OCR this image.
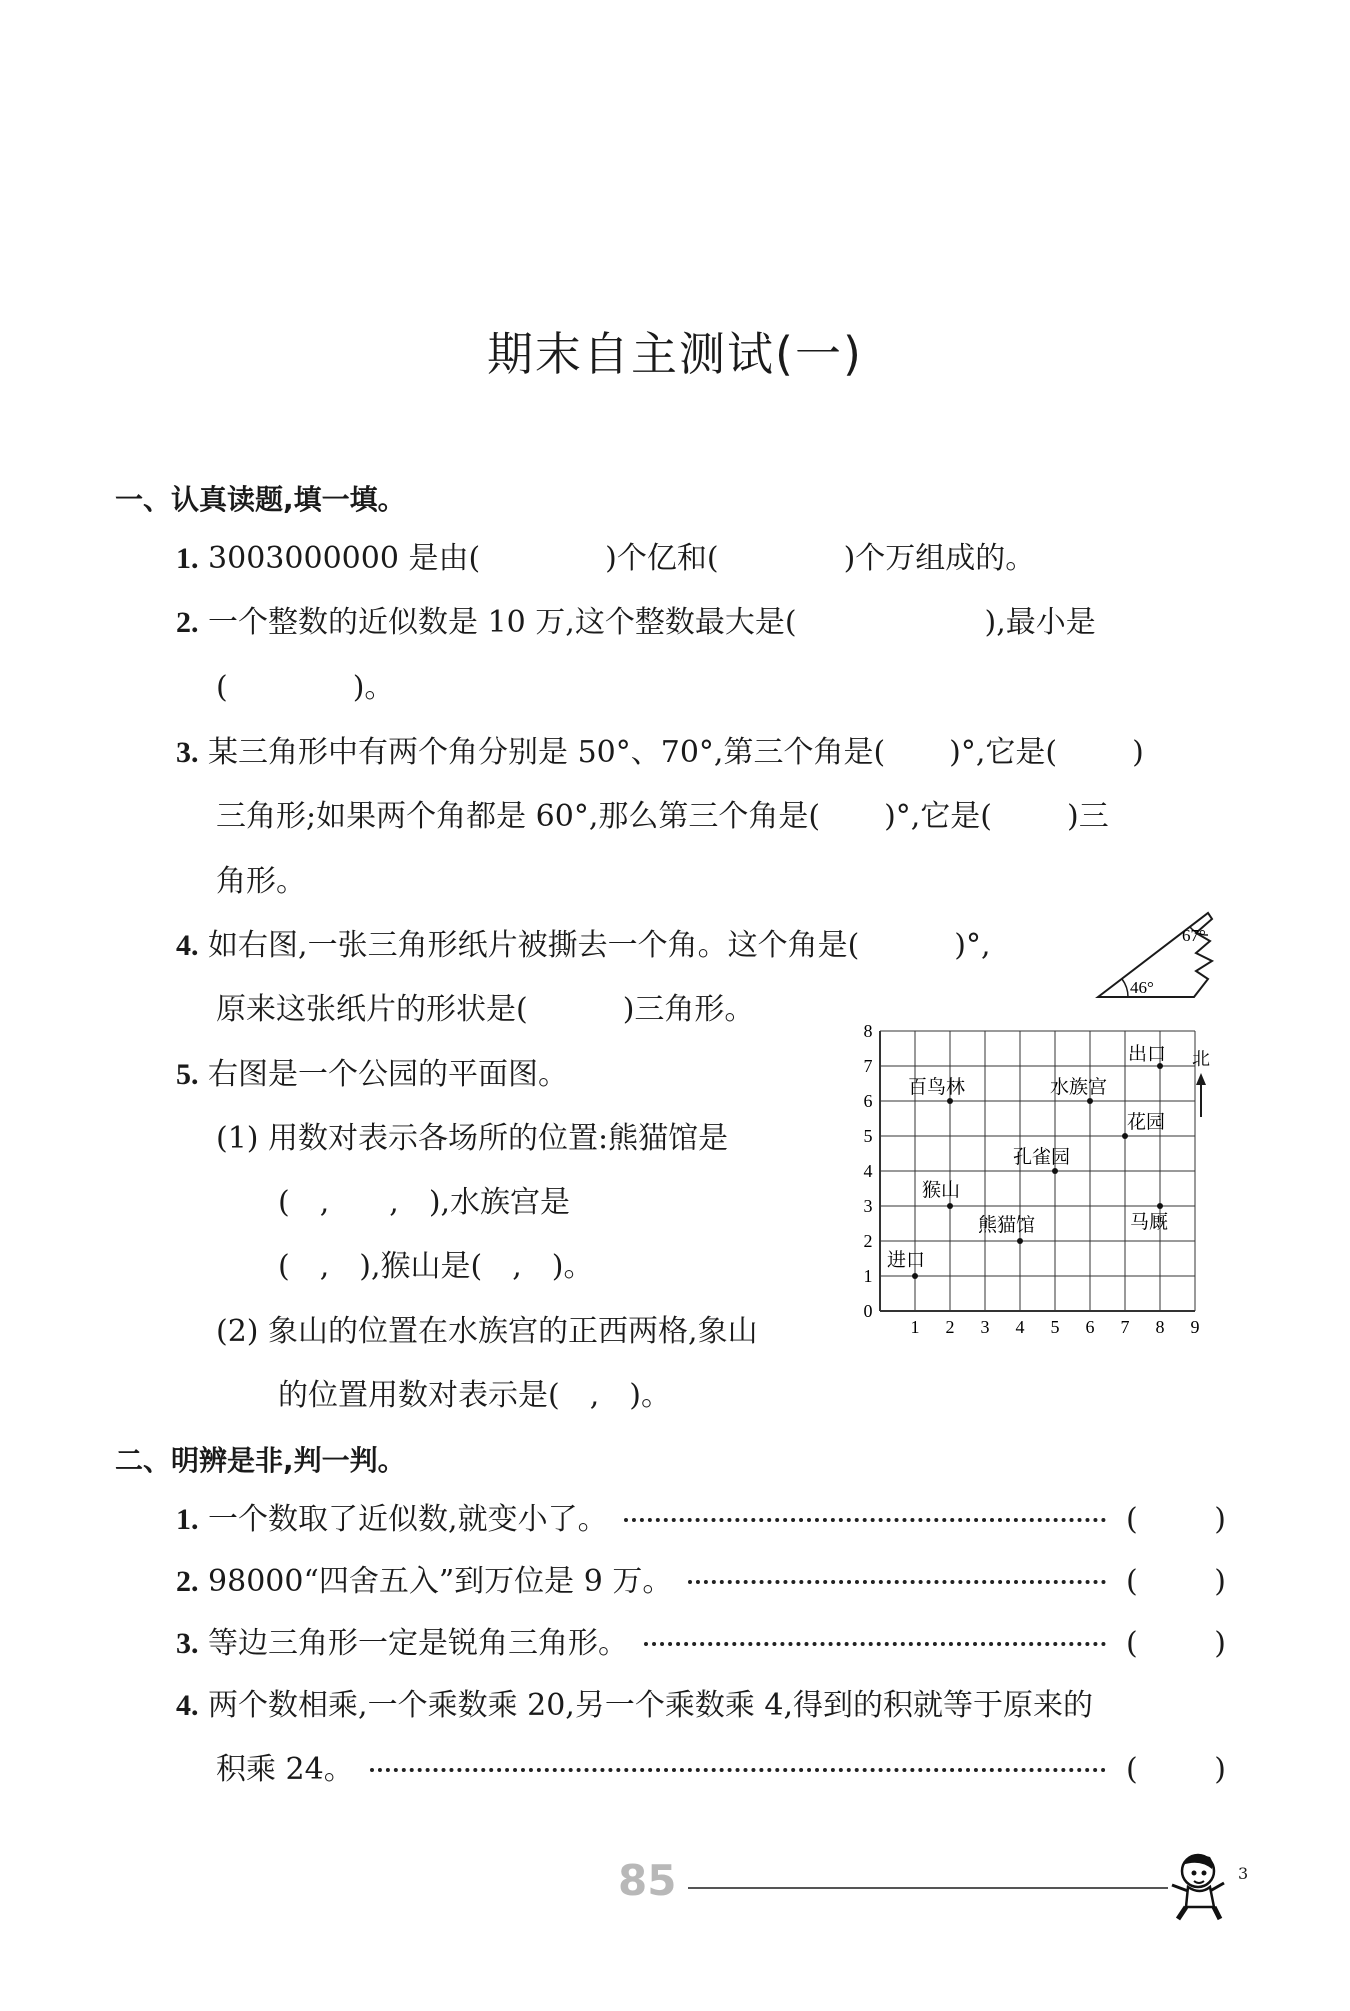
期末自主测试(一)
一、认真读题,填一填。
1. 3003000000 是由(	)个亿和(	)个万组成的。
2. 一个整数的近似数是 10 万,这个整数最大是(	),最小是
(	)。
3. 某三角形中有两个角分别是 50°、70°,第三个角是( )°,它是(	)
三角形;如果两个角都是 60°,那么第三个角是( )°,它是(	)三
角形。
4. 如右图,一张三角形纸片被撕去一个角。这个角是(	)°,
原来这张纸片的形状是(	)三角形。
67°
46°
5. 右图是一个公园的平面图。
(1) 用数对表示各场所的位置:熊猫馆是
( , , ),水族宫是
( , ),猴山是( , )。
(2) 象山的位置在水族宫的正西两格,象山
的位置用数对表示是( , )。
0
1 2 3 4 5 6 7 8 9
1
2
3
4
5
6
7
8
进口
熊猫馆
猴山
马厩
孔雀园
花园
百鸟林	水族宫
出口 北
二、明辨是非,判一判。
1.
一个数取了近似数,就变小了。	(	)
2.
98000“四舍五入”到万位是 9 万。	(	)
3.
等边三角形一定是锐角三角形。	(	)
4. 两个数相乘,一个乘数乘 20,另一个乘数乘 4,得到的积就等于原来的
积乘 24。	(	)
85	3
